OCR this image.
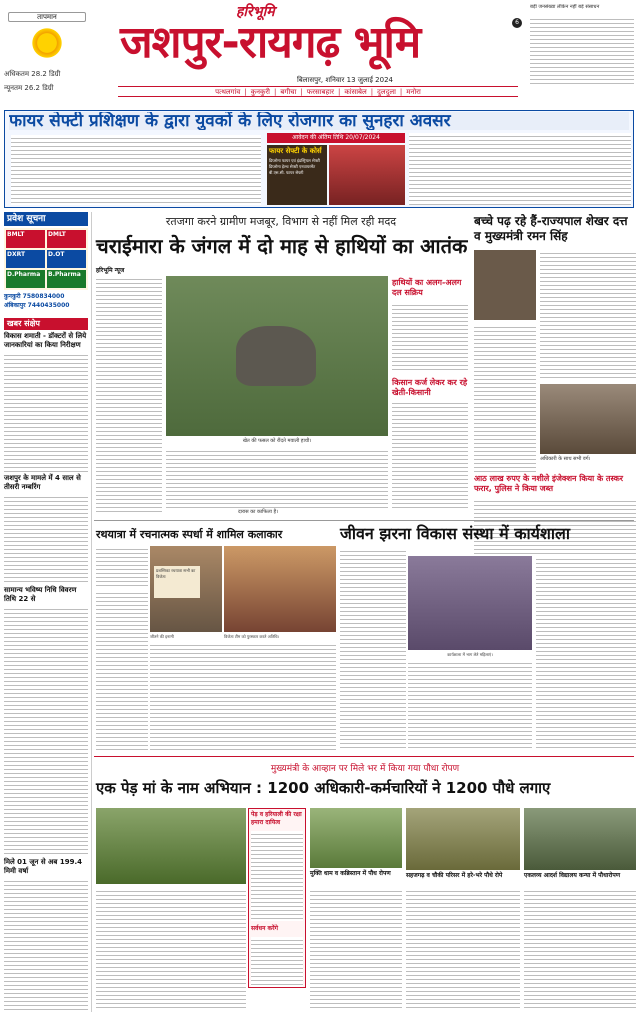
तापमान
अधिकतम 28.2 डिग्री
न्यूनतम 26.2 डिग्री
हरिभूमि
जशपुर-रायगढ़ भूमि
बड़ी जनसंख्या लेकिन नहीं बड़े संसाधन
6
बिलासपुर, शनिवार 13 जुलाई 2024
पत्थलगांव | कुनकुरी | बगीचा | फरसाबहार | कांसाबेल | दुलदुला | मनोरा
फायर सेफ्टी प्रशिक्षण के द्वारा युवकों के लिए रोजगार का सुनहरा अवसर
आवेदन की अंतिम तिथि 20/07/2024
फायर सेफ्टी के कोर्स
डिप्लोमा फायर एवं इंडस्ट्रियल सेफ्टी
डिप्लोमा हेल्थ सेफ्टी एनवायरमेंट
बी.एस.सी. फायर सेफ्टी
प्रवेश सूचना
BMLT	DMLT
DXRT	D.OT
D.Pharma	B.Pharma
कुनकुरी 7580834000
अंबिकापुर 7440435000
खबर संक्षेप
विकास शमाती - डॉक्टरों से लिये जानकारियां का किया निरीक्षण
जशपुर के मामले में 4 साल से तीसरी नम्बरिंग
सामान्य भविष्य निधि विवरण तिथि 22 से
मिले 01 जून से अब 199.4 मिमी वर्षा
रतजगा करने ग्रामीण मजबूर, विभाग से नहीं मिल रही मदद
चराईमारा के जंगल में दो माह से हाथियों का आतंक
हरिभूमि न्यूज
खेत की फसल को रौंदते मवाली हाथी।
हाथियों का अलग-अलग दल सक्रिय
किसान कर्ज लेकर कर रहे खेती-किसानी
दारास का काफिला है।
बच्चे पढ़ रहे हैं-राज्यपाल शेखर दत्त व मुख्यमंत्री रमन सिंह
अधिकारी के साथ सभी वर्ग।
आठ लाख रुपए के नशीले इंजेक्शन किया के तस्कर फरार, पुलिस ने किया जब्त
रथयात्रा में रचनात्मक स्पर्धा में शामिल कलाकार
प्रशस्तिका रथयात्रा सभी का विजेता
जीतने की इनामी	विजेता टीम को पुरस्कार करते अतिथि।
जीवन झरना विकास संस्था में कार्यशाला
कार्यशाला में भाग लेते महिलाएं।
मुख्यमंत्री के आव्हान पर मिले भर में किया गया पौधा रोपण
एक पेड़ मां के नाम अभियान : 1200 अधिकारी-कर्मचारियों ने 1200 पौधे लगाए
पेड़ व हरियाली की रक्षा हमारा दायित्व
सर्वधन करेंगे
मुक्ति धाम व कब्रिस्तान में पौध रोपण	सहजगढ़ व चौकी परिसर में हरे-भरे पौधे रोपे	एकलव्य आदर्श विद्यालय कन्या में पौधारोपण
